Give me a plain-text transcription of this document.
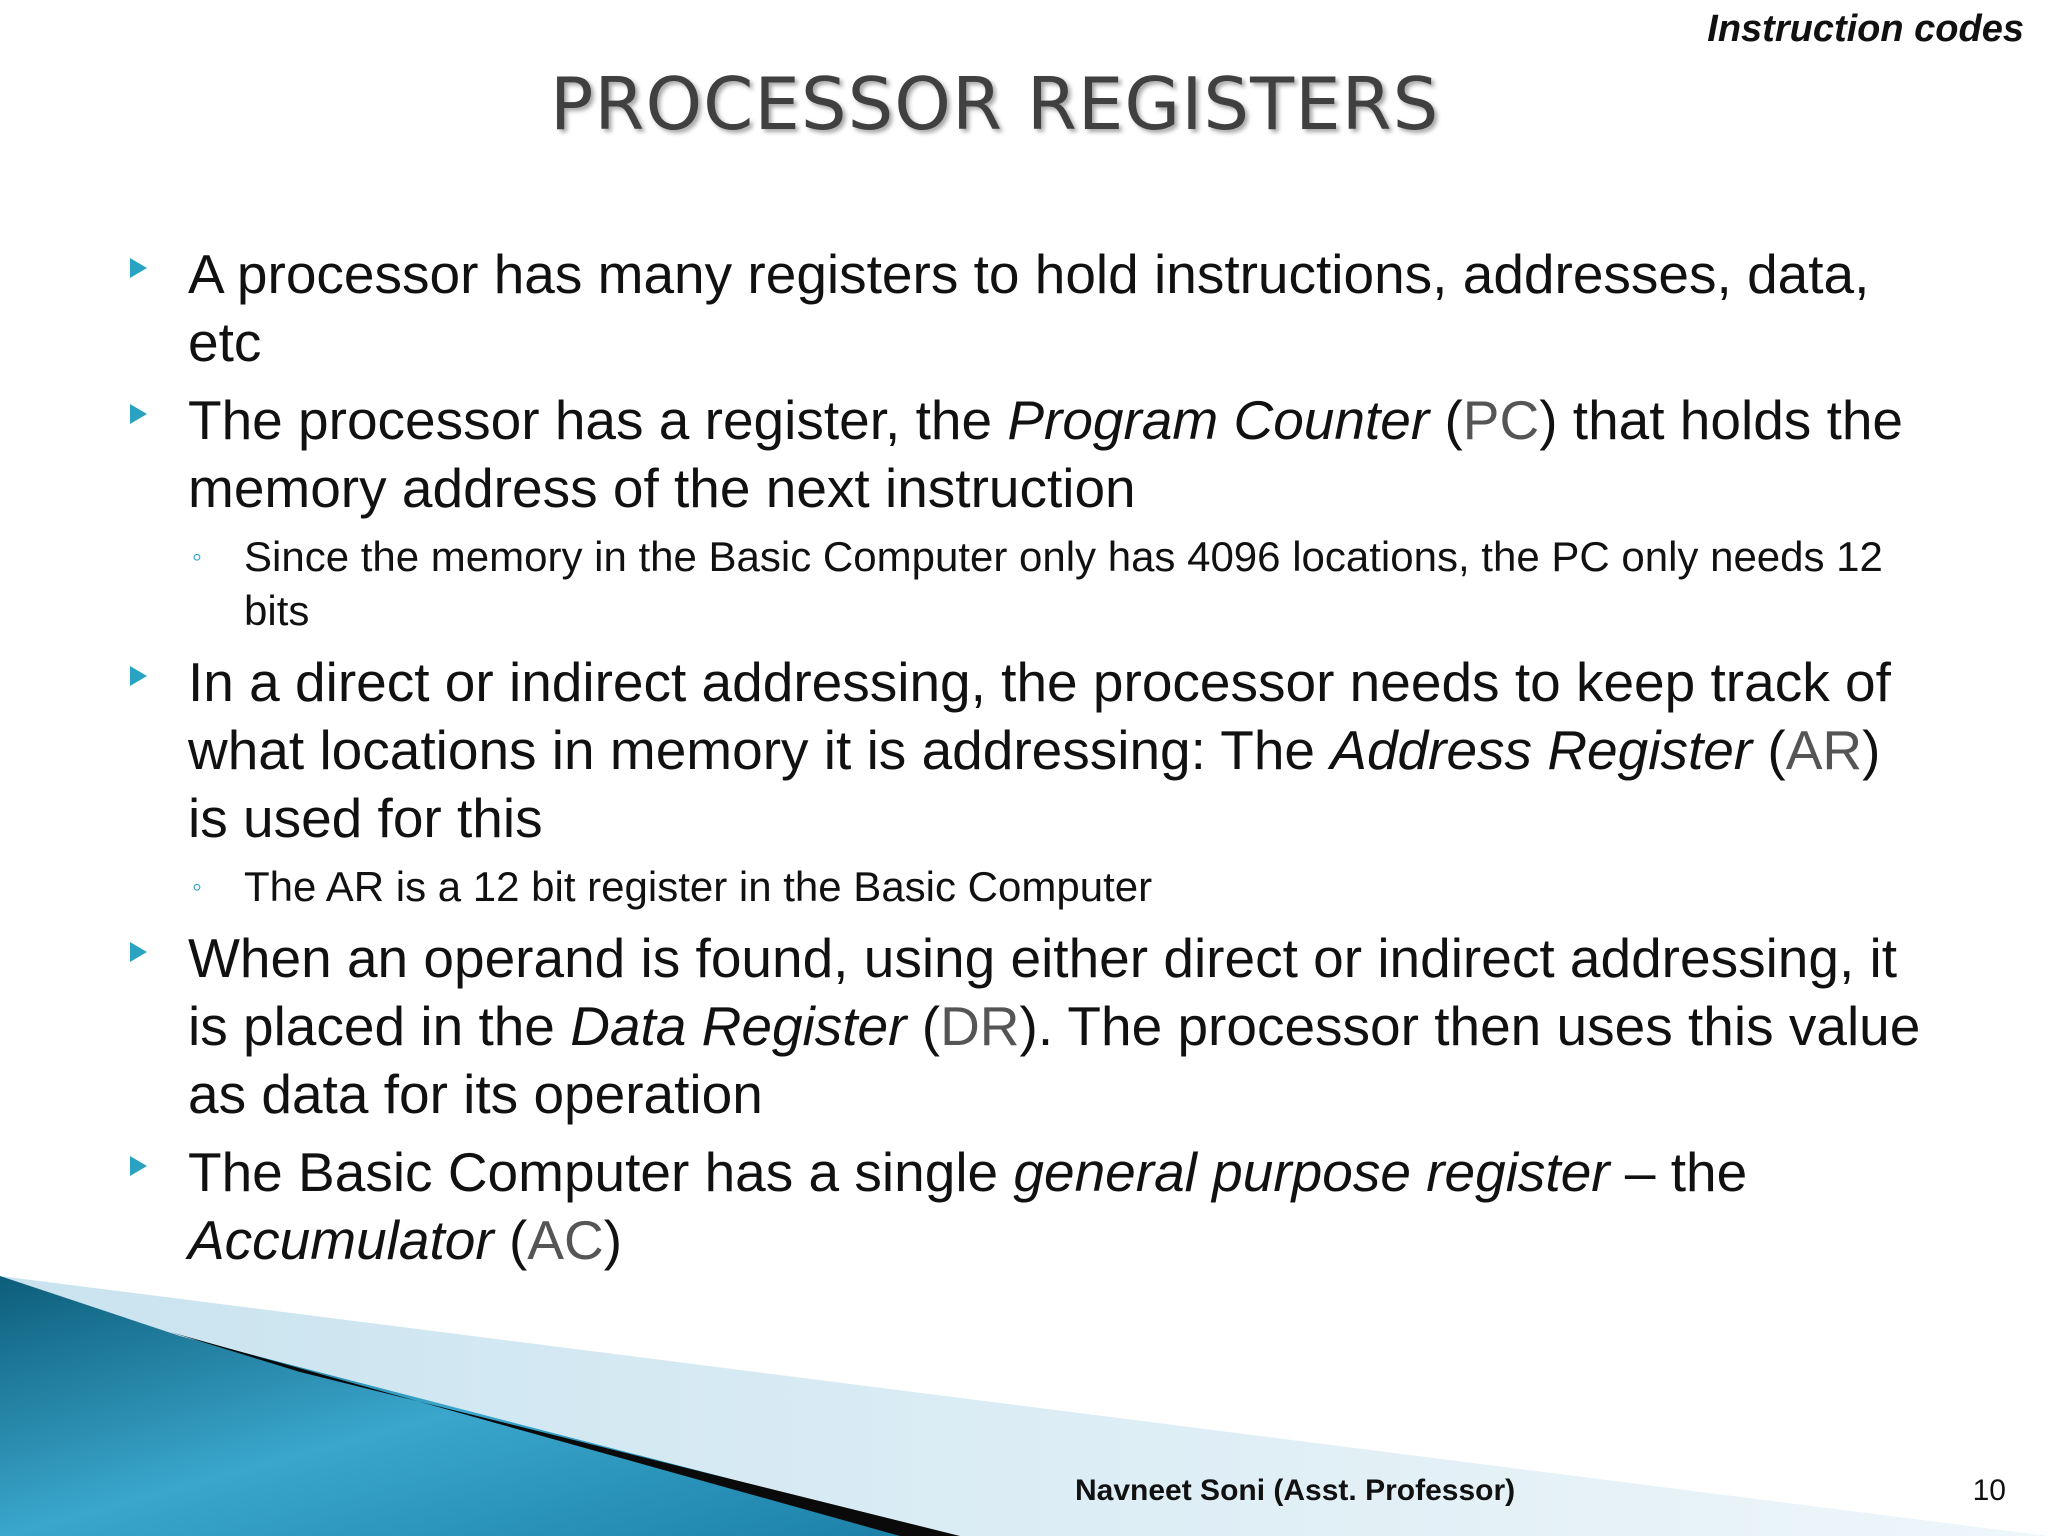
Instruction codes
PROCESSOR REGISTERS
A processor has many registers to hold instructions, addresses, data, etc
The processor has a register, the Program Counter (PC) that holds the memory address of the next instruction
◦ Since the memory in the Basic Computer only has 4096 locations, the PC only needs 12 bits
In a direct or indirect addressing, the processor needs to keep track of what locations in memory it is addressing: The Address Register (AR) is used for this
◦ The AR is a 12 bit register in the Basic Computer
When an operand is found, using either direct or indirect addressing, it is placed in the Data Register (DR). The processor then uses this value as data for its operation
The Basic Computer has a single general purpose register – the Accumulator (AC)
Navneet Soni (Asst. Professor)	10
